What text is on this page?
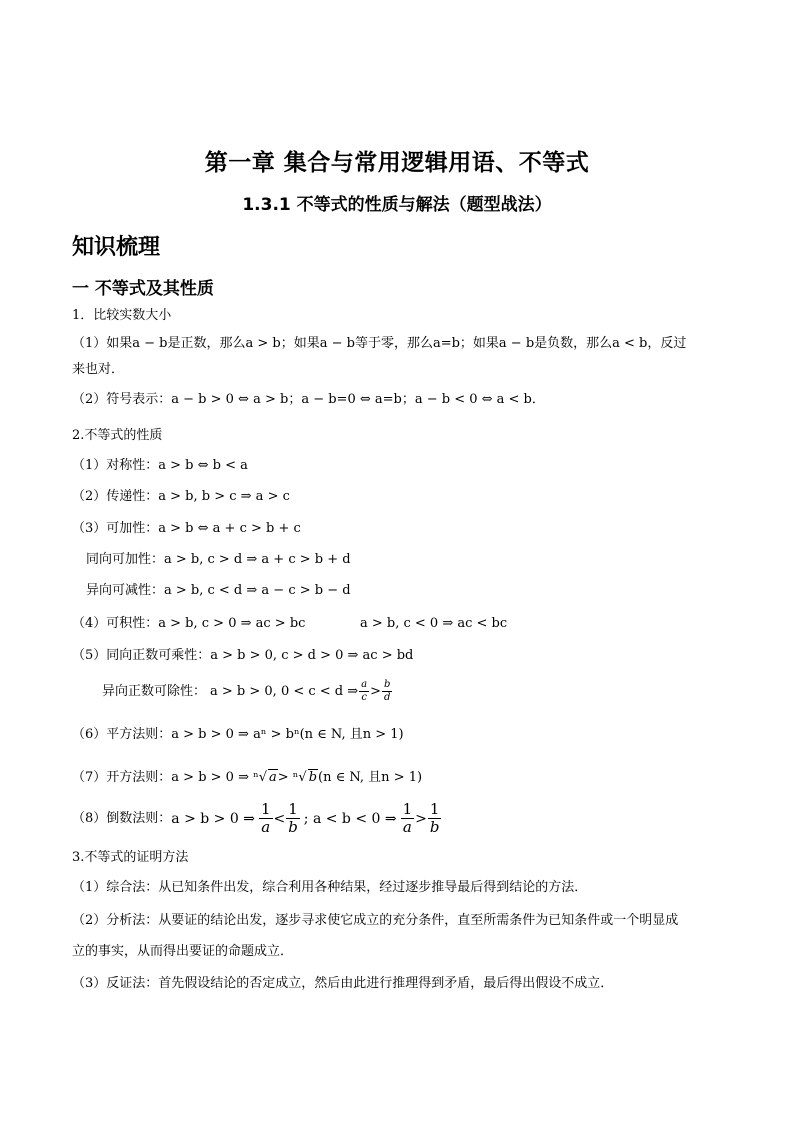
第一章 集合与常用逻辑用语、不等式
1.3.1 不等式的性质与解法（题型战法）
知识梳理
一 不等式及其性质
1．比较实数大小
（1）如果a − b是正数，那么a > b；如果a − b等于零，那么a=b；如果a − b是负数，那么a < b，反过
来也对．
（2）符号表示：a − b > 0 ⇔ a > b；a − b=0 ⇔ a=b；a − b < 0 ⇔ a < b．
2.不等式的性质
（1）对称性：a > b ⇔ b < a
（2）传递性：a > b, b > c ⇒ a > c
（3）可加性：a > b ⇔ a + c > b + c
同向可加性：a > b, c > d ⇒ a + c > b + d
异向可减性：a > b, c < d ⇒ a − c > b − d
（4）可积性：a > b, c > 0 ⇒ ac > bc	a > b, c < 0 ⇒ ac < bc
（5）同向正数可乘性：a > b > 0, c > d > 0 ⇒ ac > bd
异向正数可除性： a > b > 0, 0 < c < d ⇒ $\frac{a}{c} > \frac{b}{d}$
（6）平方法则：a > b > 0 ⇒ aⁿ > bⁿ(n ∈ N, 且n > 1)
（7）开方法则： a > b > 0 ⇒ ⁿ√ a > ⁿ√ b (n ∈ N, 且n > 1)
（8）倒数法则： a > b > 0 ⇒ $\frac{1}{a} < \frac{1}{b}$ ; a < b < 0 ⇒ $\frac{1}{a} > \frac{1}{b}$
3.不等式的证明方法
（1）综合法：从已知条件出发，综合利用各种结果，经过逐步推导最后得到结论的方法．
（2）分析法：从要证的结论出发，逐步寻求使它成立的充分条件，直至所需条件为已知条件或一个明显成
立的事实，从而得出要证的命题成立．
（3）反证法：首先假设结论的否定成立，然后由此进行推理得到矛盾，最后得出假设不成立．
